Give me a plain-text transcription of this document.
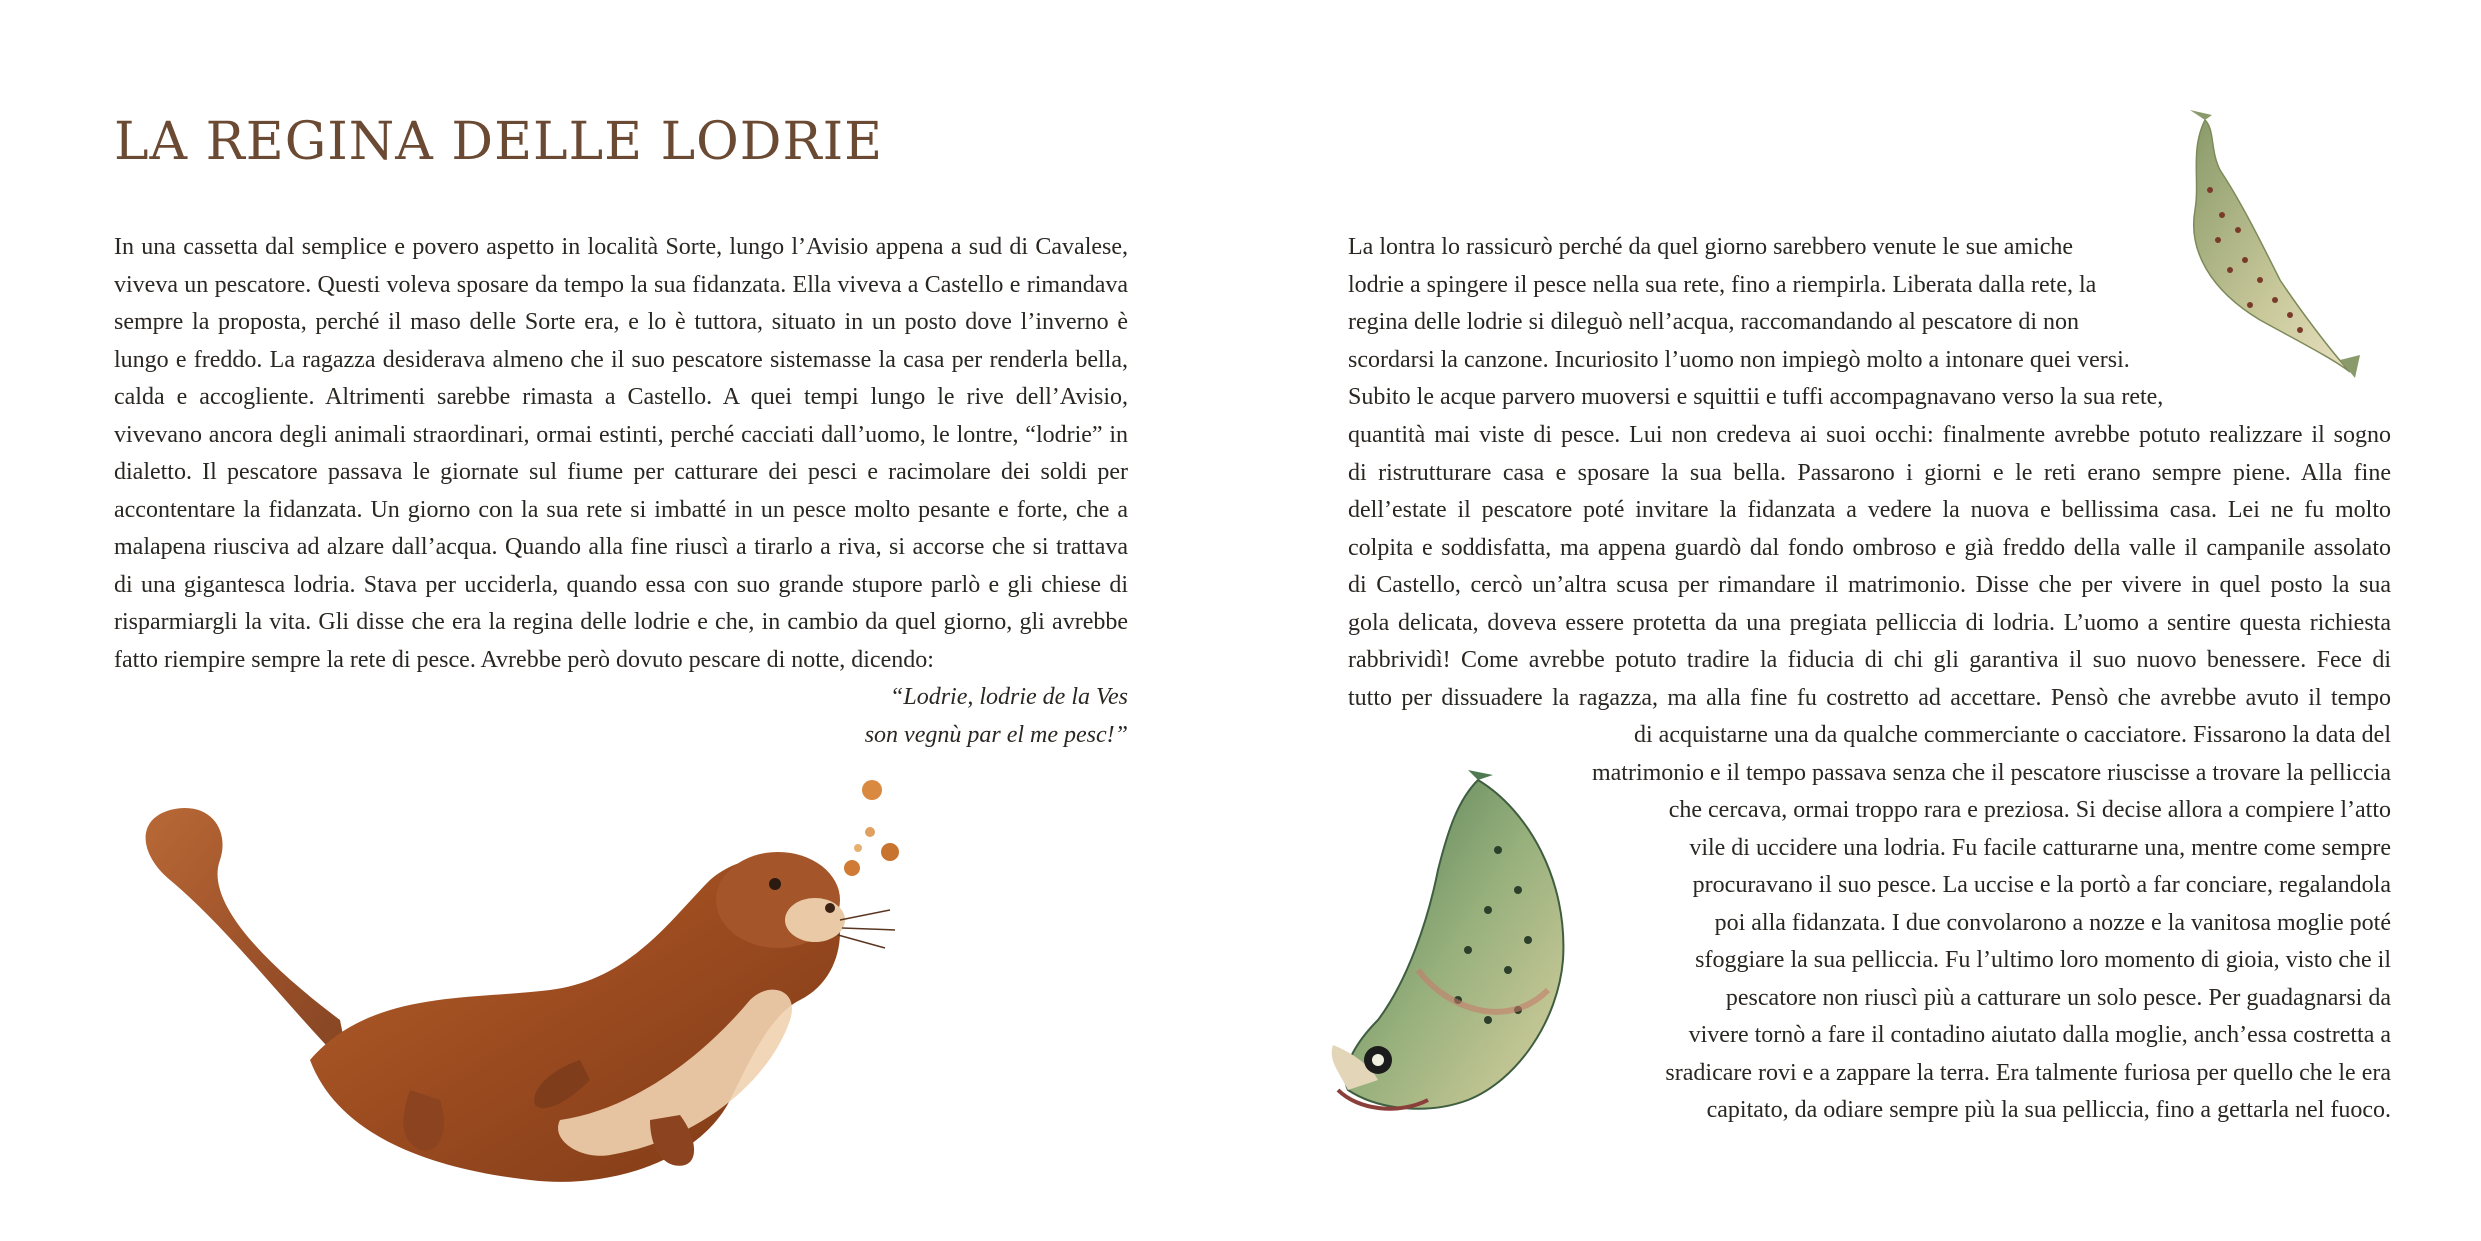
LA REGINA DELLE LODRIE

In una cassetta dal semplice e povero aspetto in località Sorte, lungo l’Avisio appena a sud di Cavalese, viveva un pescatore. Questi voleva sposare da tempo la sua fidanzata. Ella viveva a Castello e rimandava sempre la proposta, perché il maso delle Sorte era, e lo è tuttora, situato in un posto dove l’inverno è lungo e freddo. La ragazza desiderava almeno che il suo pescatore sistemasse la casa per renderla bella, calda e accogliente. Altrimenti sarebbe rimasta a Castello. A quei tempi lungo le rive dell’Avisio, vivevano ancora degli animali straordinari, ormai estinti, perché cacciati dall’uomo, le lontre, “lodrie” in dialetto. Il pescatore passava le giornate sul fiume per catturare dei pesci e racimolare dei soldi per accontentare la fidanzata. Un giorno con la sua rete si imbatté in un pesce molto pesante e forte, che a malapena riusciva ad alzare dall’acqua. Quando alla fine riuscì a tirarlo a riva, si accorse che si trattava di una gigantesca lodria. Stava per ucciderla, quando essa con suo grande stupore parlò e gli chiese di risparmiargli la vita. Gli disse che era la regina delle lodrie e che, in cambio da quel giorno, gli avrebbe fatto riempire sempre la rete di pesce. Avrebbe però dovuto pescare di notte, dicendo:

“Lodrie, lodrie de la Ves
son vegnù par el me pesc!”
La lontra lo rassicurò perché da quel giorno sarebbero venute le sue amiche
lodrie a spingere il pesce nella sua rete, fino a riempirla. Liberata dalla rete, la
regina delle lodrie si dileguò nell’acqua, raccomandando al pescatore di non
scordarsi la canzone. Incuriosito l’uomo non impiegò molto a intonare quei versi.
Subito le acque parvero muoversi e squittii e tuffi accompagnavano verso la sua rete,
quantità mai viste di pesce. Lui non credeva ai suoi occhi: finalmente avrebbe potuto realizzare il sogno
di ristrutturare casa e sposare la sua bella. Passarono i giorni e le reti erano sempre piene. Alla fine
dell’estate il pescatore poté invitare la fidanzata a vedere la nuova e bellissima casa. Lei ne fu molto
colpita e soddisfatta, ma appena guardò dal fondo ombroso e già freddo della valle il campanile assolato
di Castello, cercò un’altra scusa per rimandare il matrimonio. Disse che per vivere in quel posto la sua
gola delicata, doveva essere protetta da una pregiata pelliccia di lodria. L’uomo a sentire questa richiesta
rabbrividì! Come avrebbe potuto tradire la fiducia di chi gli garantiva il suo nuovo benessere. Fece di
tutto per dissuadere la ragazza, ma alla fine fu costretto ad accettare. Pensò che avrebbe avuto il tempo
di acquistarne una da qualche commerciante o cacciatore. Fissarono la data del
matrimonio e il tempo passava senza che il pescatore riuscisse a trovare la pelliccia
che cercava, ormai troppo rara e preziosa. Si decise allora a compiere l’atto
vile di uccidere una lodria. Fu facile catturarne una, mentre come sempre
procuravano il suo pesce. La uccise e la portò a far conciare, regalandola
poi alla fidanzata. I due convolarono a nozze e la vanitosa moglie poté
sfoggiare la sua pelliccia. Fu l’ultimo loro momento di gioia, visto che il
pescatore non riuscì più a catturare un solo pesce. Per guadagnarsi da
vivere tornò a fare il contadino aiutato dalla moglie, anch’essa costretta a
sradicare rovi e a zappare la terra. Era talmente furiosa per quello che le era
capitato, da odiare sempre più la sua pelliccia, fino a gettarla nel fuoco.
